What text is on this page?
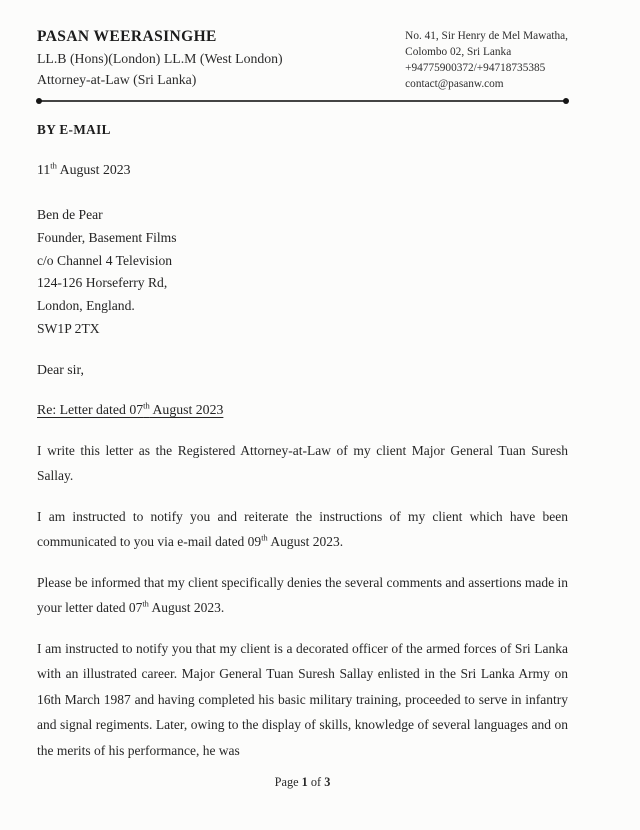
PASAN WEERASINGHE
LL.B (Hons)(London) LL.M (West London)
Attorney-at-Law (Sri Lanka)
No. 41, Sir Henry de Mel Mawatha,
Colombo 02, Sri Lanka
+94775900372/+94718735385
contact@pasanw.com
BY E-MAIL
11th August 2023
Ben de Pear
Founder, Basement Films
c/o Channel 4 Television
124-126 Horseferry Rd,
London, England.
SW1P 2TX
Dear sir,
Re: Letter dated 07th August 2023

I write this letter as the Registered Attorney-at-Law of my client Major General Tuan Suresh Sallay.

I am instructed to notify you and reiterate the instructions of my client which have been communicated to you via e-mail dated 09th August 2023.

Please be informed that my client specifically denies the several comments and assertions made in your letter dated 07th August 2023.

I am instructed to notify you that my client is a decorated officer of the armed forces of Sri Lanka with an illustrated career. Major General Tuan Suresh Sallay enlisted in the Sri Lanka Army on 16th March 1987 and having completed his basic military training, proceeded to serve in infantry and signal regiments. Later, owing to the display of skills, knowledge of several languages and on the merits of his performance, he was

Page 1 of 3
